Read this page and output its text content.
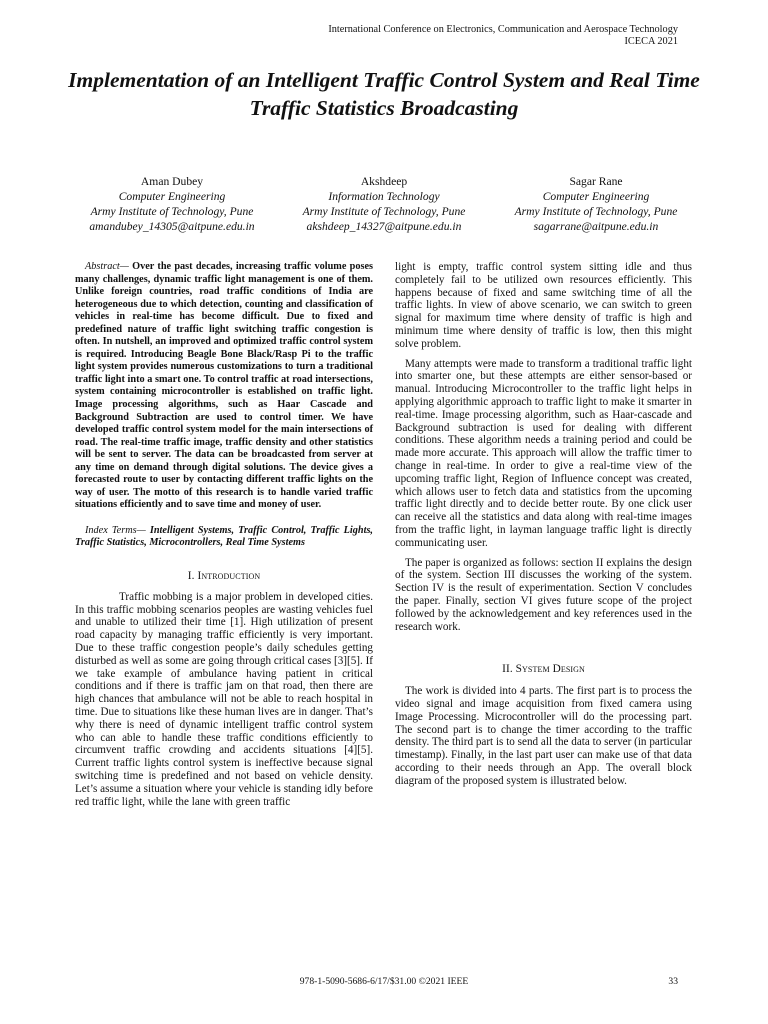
International Conference on Electronics, Communication and Aerospace Technology
ICECA 2021
Implementation of an Intelligent Traffic Control System and Real Time Traffic Statistics Broadcasting
Aman Dubey
Computer Engineering
Army Institute of Technology, Pune
amandubey_14305@aitpune.edu.in
Akshdeep
Information Technology
Army Institute of Technology, Pune
akshdeep_14327@aitpune.edu.in
Sagar Rane
Computer Engineering
Army Institute of Technology, Pune
sagarrane@aitpune.edu.in

Abstract— Over the past decades, increasing traffic volume poses many challenges, dynamic traffic light management is one of them. Unlike foreign countries, road traffic conditions of India are heterogeneous due to which detection, counting and classification of vehicles in real-time has become difficult. Due to fixed and predefined nature of traffic light switching traffic congestion is often. In nutshell, an improved and optimized traffic control system is required. Introducing Beagle Bone Black/Rasp Pi to the traffic light system provides numerous customizations to turn a traditional traffic light into a smart one. To control traffic at road intersections, system containing microcontroller is established on traffic light. Image processing algorithms, such as Haar Cascade and Background Subtraction are used to control timer. We have developed traffic control system model for the main intersections of road. The real-time traffic image, traffic density and other statistics will be sent to server. The data can be broadcasted from server at any time on demand through digital solutions. The device gives a forecasted route to user by contacting different traffic lights on the way of user. The motto of this research is to handle varied traffic situations efficiently and to save time and money of user.

Index Terms— Intelligent Systems, Traffic Control, Traffic Lights, Traffic Statistics, Microcontrollers, Real Time Systems

I. Introduction

Traffic mobbing is a major problem in developed cities. In this traffic mobbing scenarios peoples are wasting vehicles fuel and unable to utilized their time [1]. High utilization of present road capacity by managing traffic efficiently is very important. Due to these traffic congestion people’s daily schedules getting disturbed as well as some are going through critical cases [3][5]. If we take example of ambulance having patient in critical conditions and if there is traffic jam on that road, then there are high chances that ambulance will not be able to reach hospital in time. Due to situations like these human lives are in danger. That’s why there is need of dynamic intelligent traffic control system who can able to handle these traffic conditions efficiently to circumvent traffic crowding and accidents situations [4][5]. Current traffic lights control system is ineffective because signal switching time is predefined and not based on vehicle density. Let’s assume a situation where your vehicle is standing idly before red traffic light, while the lane with green traffic

light is empty, traffic control system sitting idle and thus completely fail to be utilized own resources efficiently. This happens because of fixed and same switching time of all the traffic lights. In view of above scenario, we can switch to green signal for maximum time where density of traffic is high and minimum time where density of traffic is low, then this might solve problem.

Many attempts were made to transform a traditional traffic light into smarter one, but these attempts are either sensor-based or manual. Introducing Microcontroller to the traffic light helps in applying algorithmic approach to traffic light to make it smarter in real-time. Image processing algorithm, such as Haar-cascade and Background subtraction is used for dealing with different conditions. These algorithm needs a training period and could be made more accurate. This approach will allow the traffic timer to change in real-time. In order to give a real-time view of the upcoming traffic light, Region of Influence concept was created, which allows user to fetch data and statistics from the upcoming traffic light directly and to decide better route. By one click user can receive all the statistics and data along with real-time images from the traffic light, in layman language traffic light is directly communicating user.

The paper is organized as follows: section II explains the design of the system. Section III discusses the working of the system. Section IV is the result of experimentation. Section V concludes the paper. Finally, section VI gives future scope of the project followed by the acknowledgement and key references used in the research work.

II. System Design

The work is divided into 4 parts. The first part is to process the video signal and image acquisition from fixed camera using Image Processing. Microcontroller will do the processing part. The second part is to change the timer according to the traffic density. The third part is to send all the data to server (in particular timestamp). Finally, in the last part user can make use of that data according to their needs through an App. The overall block diagram of the proposed system is illustrated below.

978-1-5090-5686-6/17/$31.00 ©2021 IEEE	33
